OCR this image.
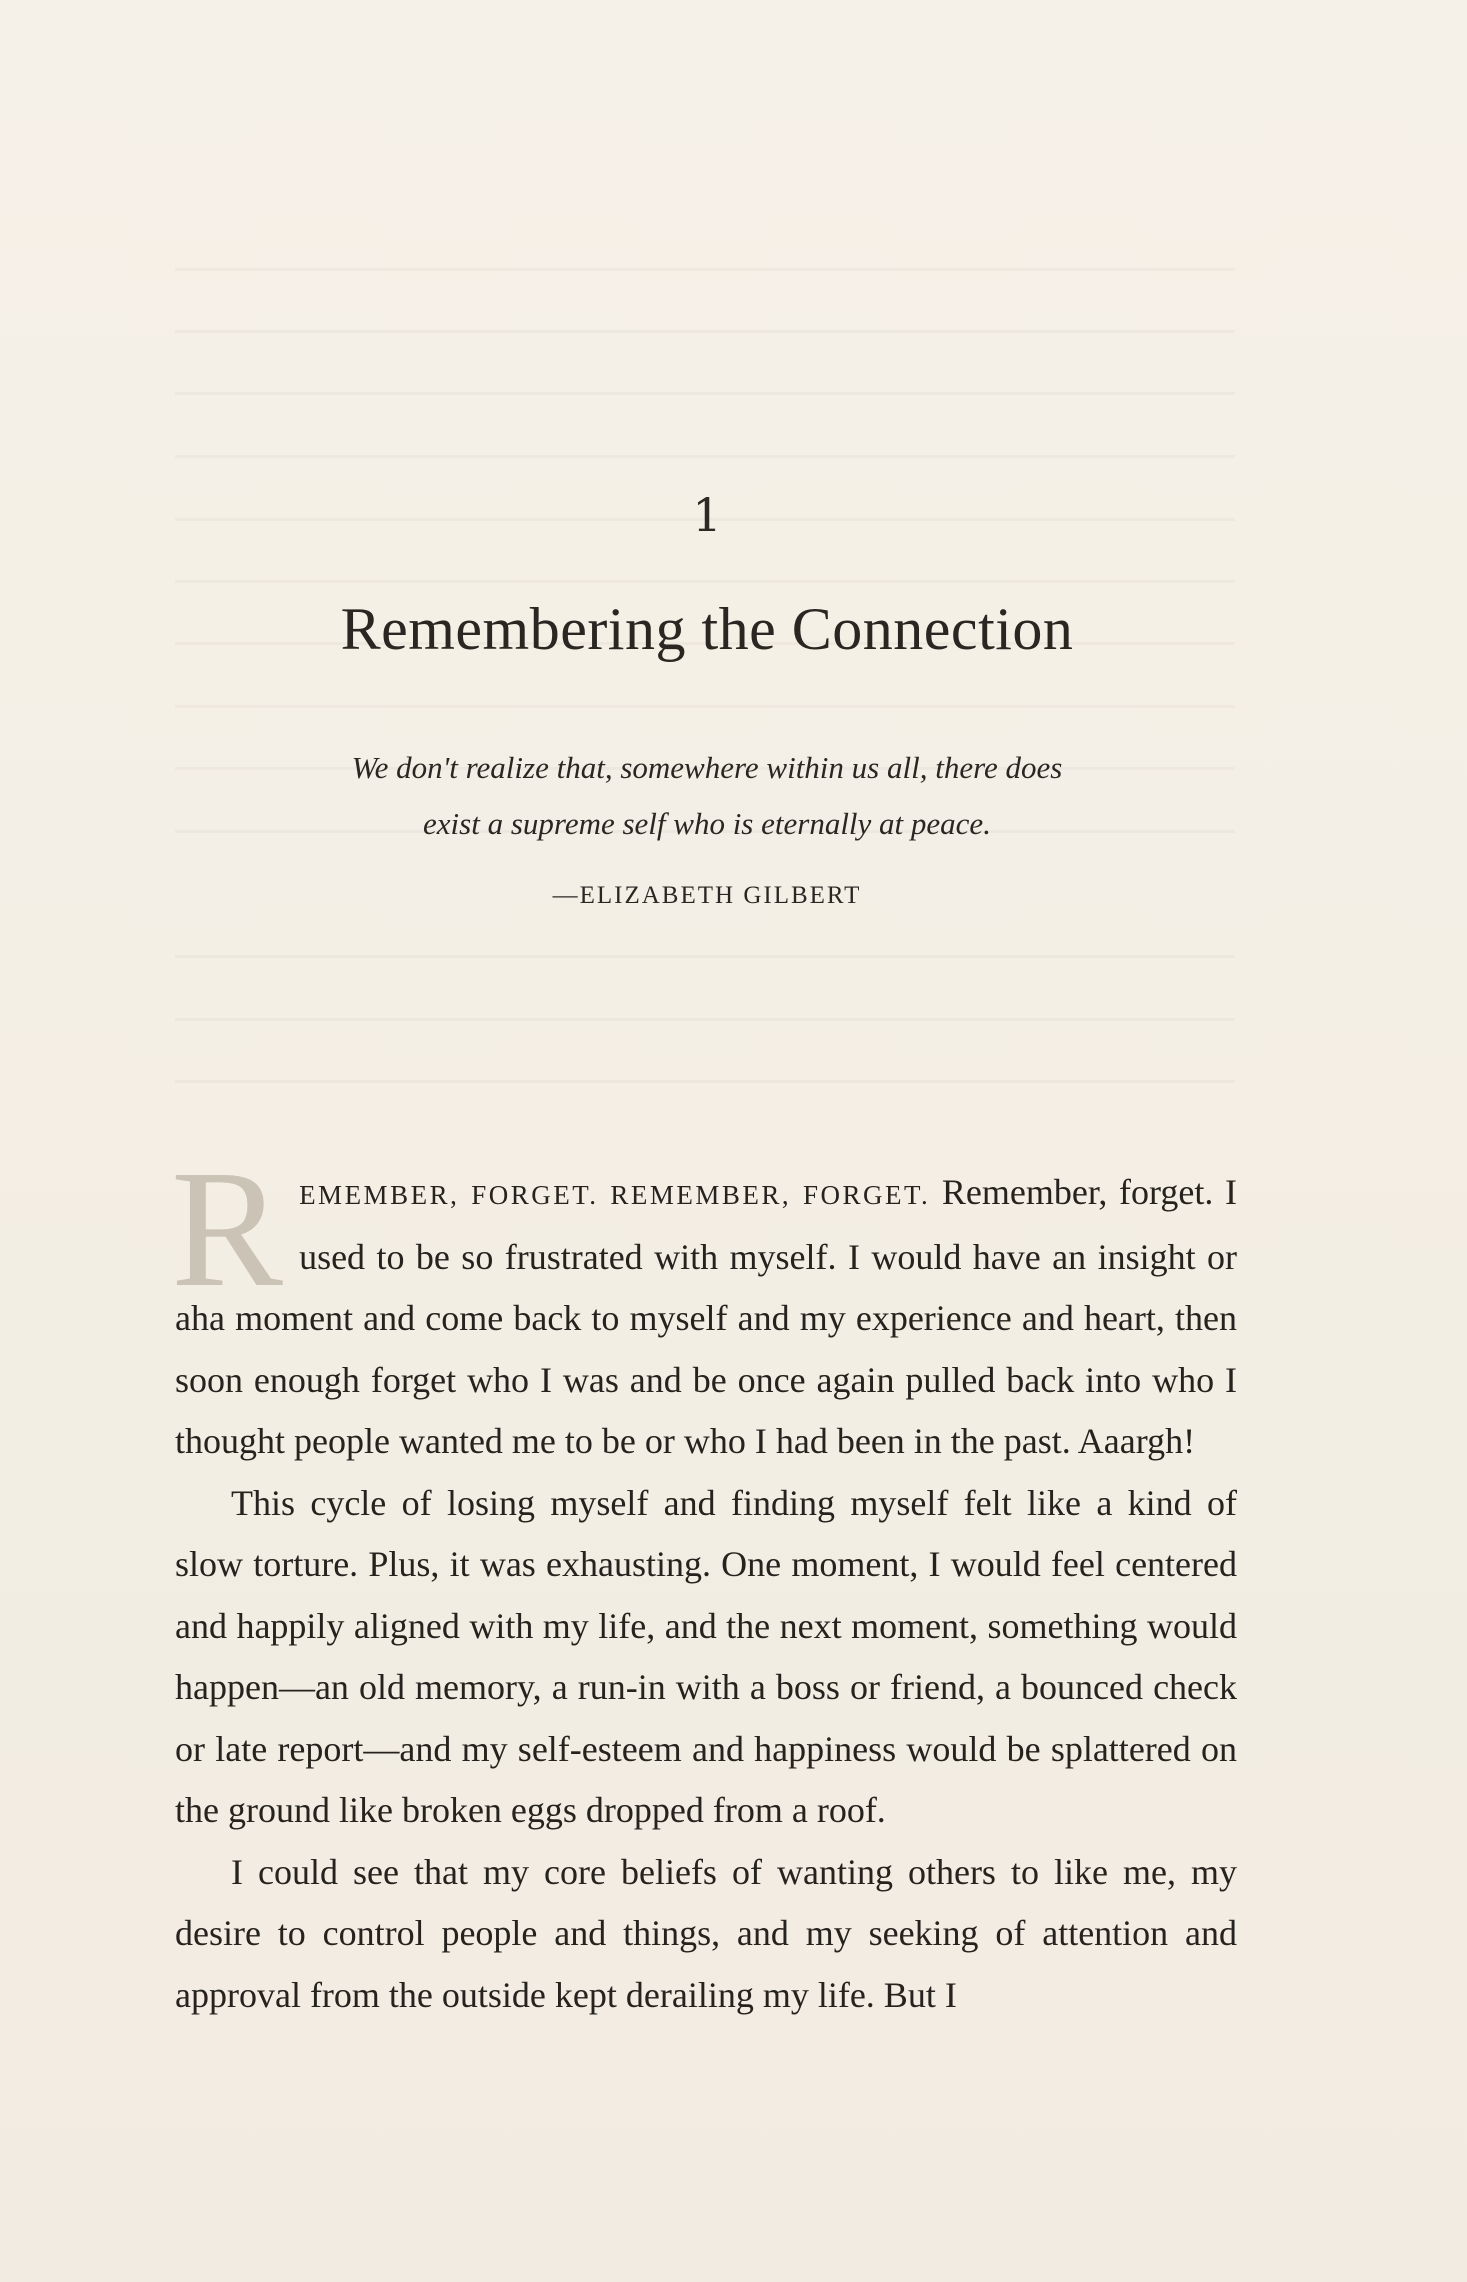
1
Remembering the Connection
We don't realize that, somewhere within us all, there does
exist a supreme self who is eternally at peace.
—ELIZABETH GILBERT

REMEMBER, FORGET. REMEMBER, FORGET. Remember, forget. I used to be so frustrated with myself. I would have an insight or aha moment and come back to myself and my experience and heart, then soon enough forget who I was and be once again pulled back into who I thought people wanted me to be or who I had been in the past. Aaargh!

This cycle of losing myself and finding myself felt like a kind of slow torture. Plus, it was exhausting. One moment, I would feel centered and happily aligned with my life, and the next moment, something would happen—an old memory, a run-in with a boss or friend, a bounced check or late report—and my self-esteem and happiness would be splattered on the ground like broken eggs dropped from a roof.

I could see that my core beliefs of wanting others to like me, my desire to control people and things, and my seeking of attention and approval from the outside kept derailing my life. But I
